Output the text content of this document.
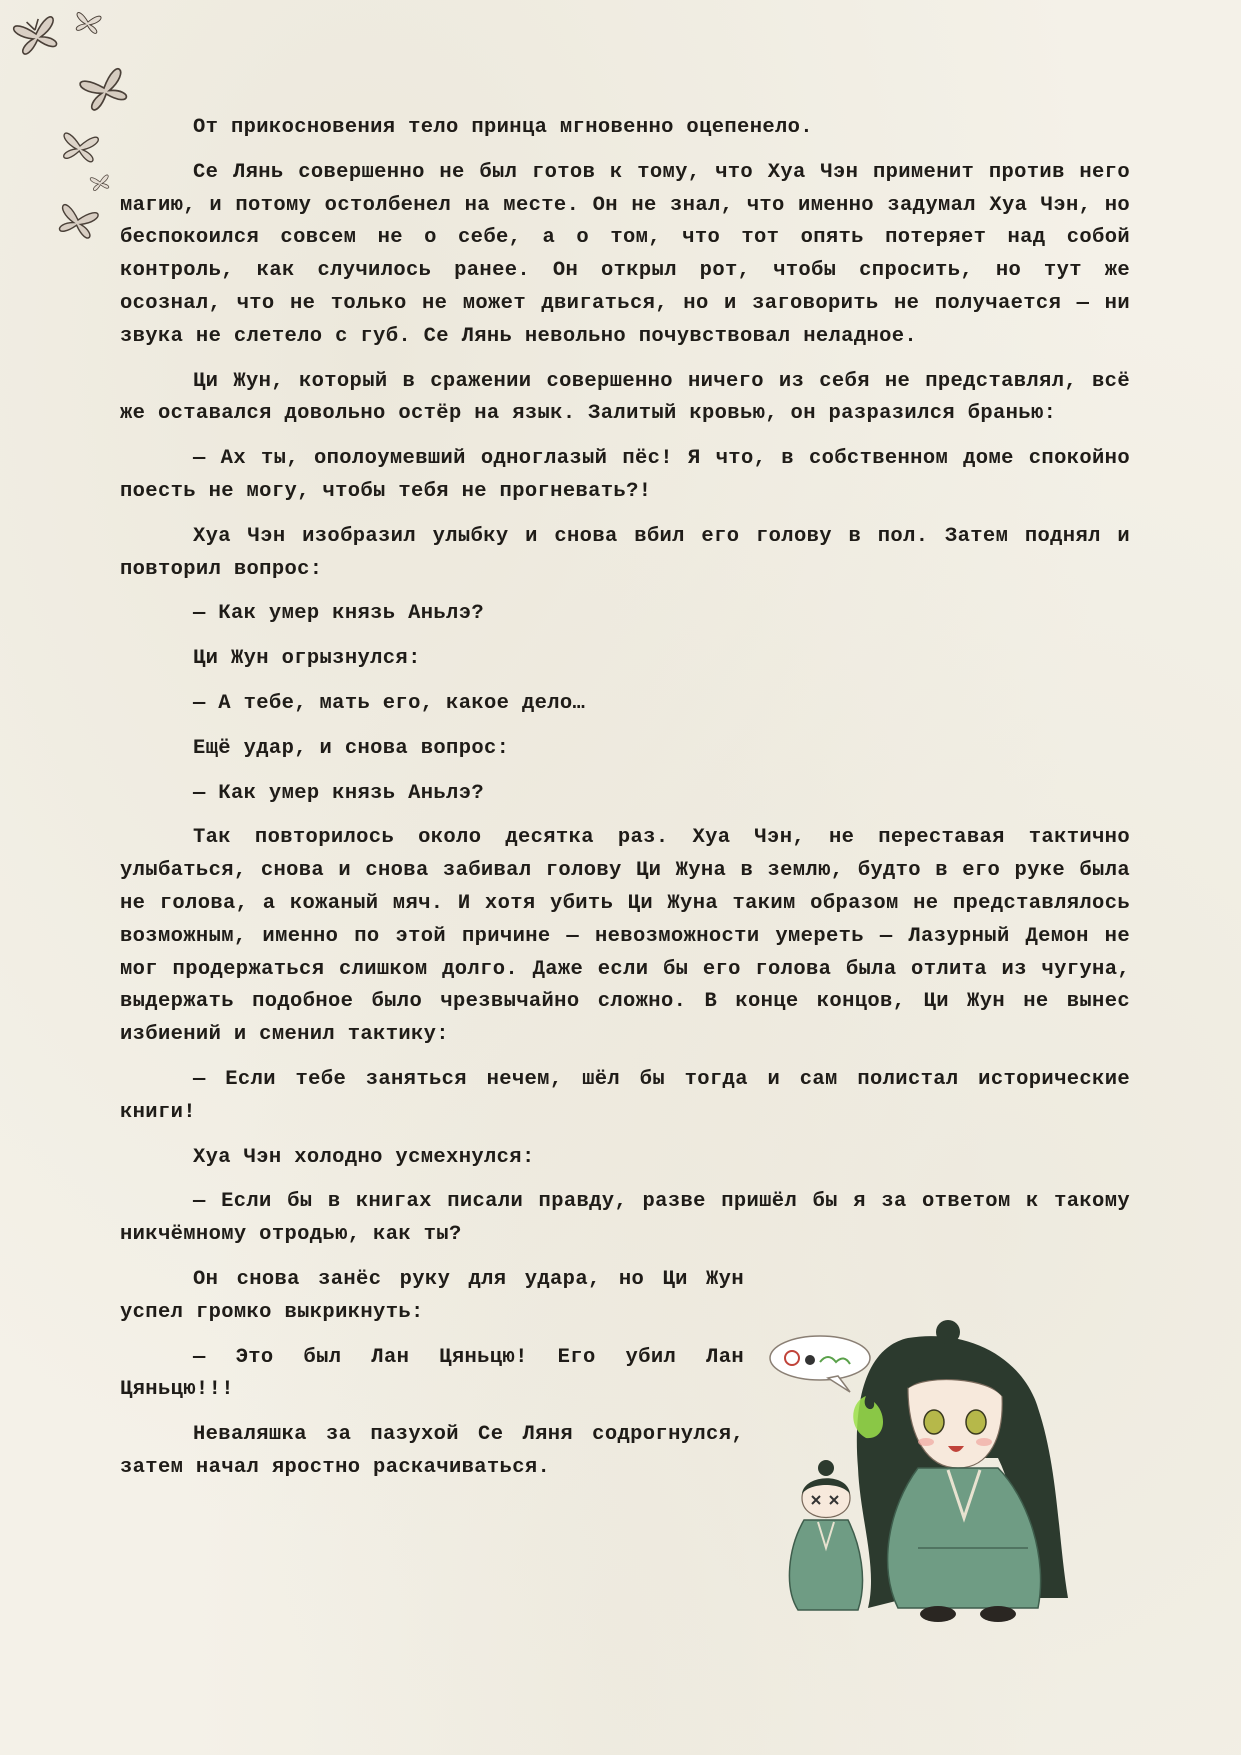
От прикосновения тело принца мгновенно оцепенело.

Се Лянь совершенно не был готов к тому, что Хуа Чэн применит против него магию, и потому остолбенел на месте. Он не знал, что именно задумал Хуа Чэн, но беспокоился совсем не о себе, а о том, что тот опять потеряет над собой контроль, как случилось ранее. Он открыл рот, чтобы спросить, но тут же осознал, что не только не может двигаться, но и заговорить не получается — ни звука не слетело с губ. Се Лянь невольно почувствовал неладное.

Ци Жун, который в сражении совершенно ничего из себя не представлял, всё же оставался довольно остёр на язык. Залитый кровью, он разразился бранью:

— Ах ты, ополоумевший одноглазый пёс! Я что, в собственном доме спокойно поесть не могу, чтобы тебя не прогневать?!

Хуа Чэн изобразил улыбку и снова вбил его голову в пол. Затем поднял и повторил вопрос:

— Как умер князь Аньлэ?

Ци Жун огрызнулся:

— А тебе, мать его, какое дело…

Ещё удар, и снова вопрос:

— Как умер князь Аньлэ?

Так повторилось около десятка раз. Хуа Чэн, не переставая тактично улыбаться, снова и снова забивал голову Ци Жуна в землю, будто в его руке была не голова, а кожаный мяч. И хотя убить Ци Жуна таким образом не представлялось возможным, именно по этой причине — невозможности умереть — Лазурный Демон не мог продержаться слишком долго. Даже если бы его голова была отлита из чугуна, выдержать подобное было чрезвычайно сложно. В конце концов, Ци Жун не вынес избиений и сменил тактику:

— Если тебе заняться нечем, шёл бы тогда и сам полистал исторические книги!

Хуа Чэн холодно усмехнулся:

— Если бы в книгах писали правду, разве пришёл бы я за ответом к такому никчёмному отродью, как ты?

Он снова занёс руку для удара, но Ци Жун успел громко выкрикнуть:

— Это был Лан Цяньцю! Его убил Лан Цяньцю!!!

Неваляшка за пазухой Се Ляня содрогнулся, затем начал яростно раскачиваться.
